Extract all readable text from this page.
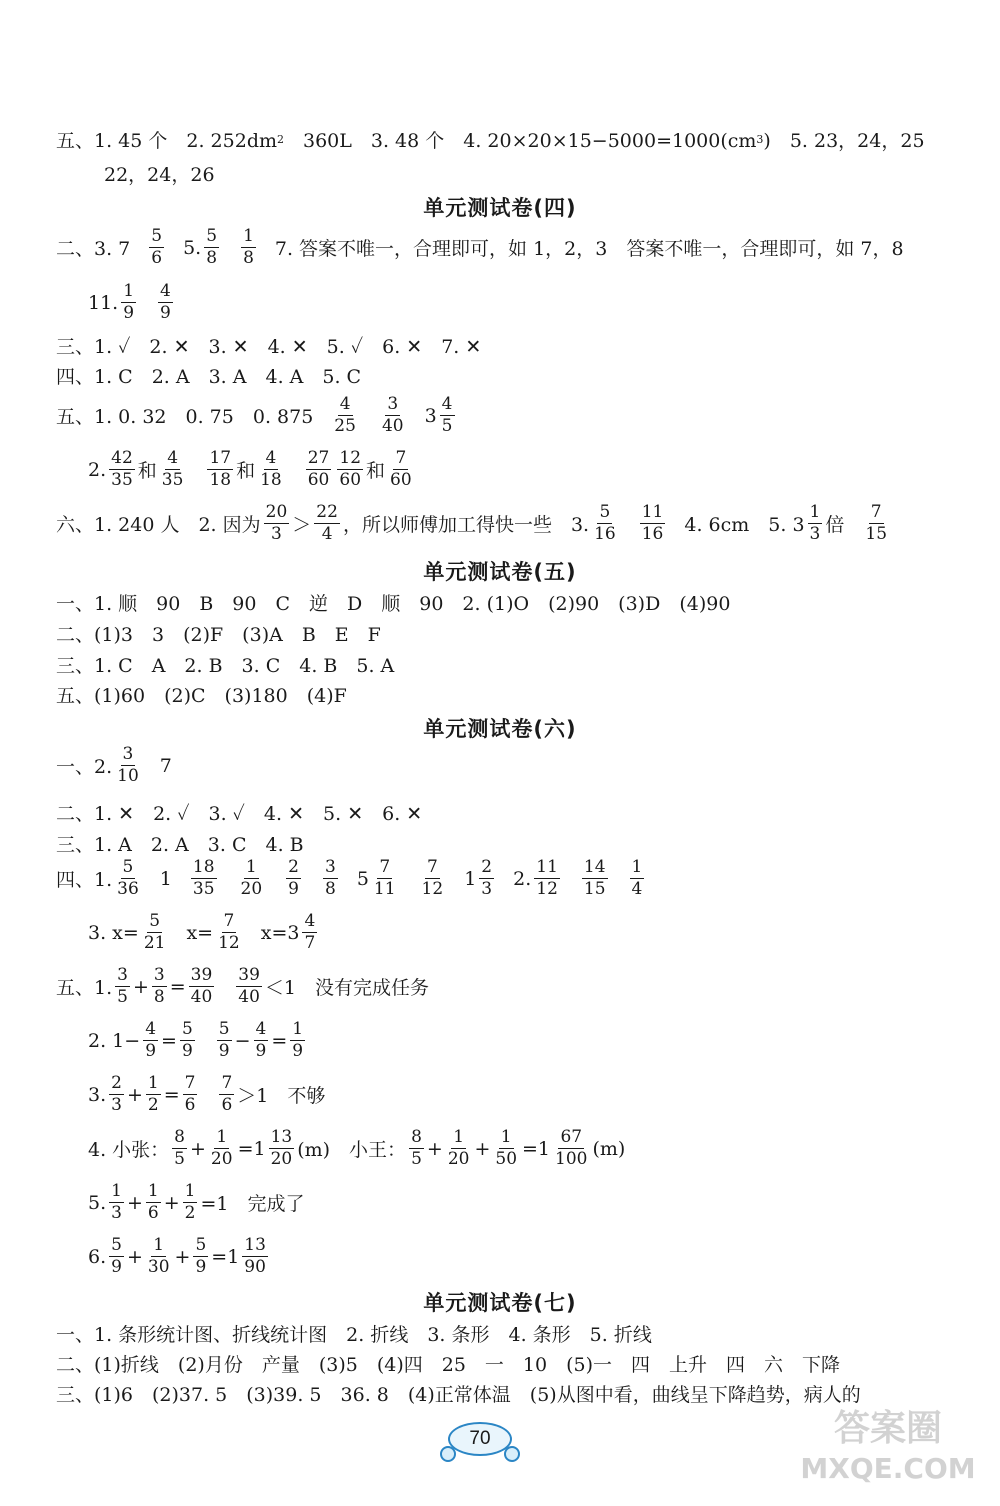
五、1. 45 个　2. 252dm 2 　360L　3. 48 个　4. 20×20×15−5000=1000(cm 3 )　5. 23，24，25
22，24，26
单元测试卷(四)
二、3. $7 \frac{5}{6} 5$. $\frac{5}{8} \frac{1}{8} 7$. 答案不唯一，合理即可，如 1，2，3　答案不唯一，合理即可，如 7，8
11. $\frac{1}{9} \frac{4}{9}$
三、1. ✓　2. ✕　3. ✕　4. ✕　5. ✓　6. ✕　7. ✕
四、1. C　2. A　3. A　4. A　5. C
五、1. 0. 32　0. 75　0. $875 \frac{4}{25} \frac{3}{40} 3 \frac{4}{5}$
2. $\frac{42}{35}$ 和 $\frac{4}{35} \frac{17}{18}$ 和 $\frac{4}{18} \frac{27}{60} \frac{12}{60}$ 和 $\frac{7}{60}$
六、1. 240 人　2. 因为 $\frac{20}{3} > \frac{22}{4}$ ，所以师傅加工得快一些　3. $\frac{5}{16} \frac{11}{16} 4$. 6cm　5. $3 \frac{1}{3}$ 倍 $\frac{7}{15}$
单元测试卷(五)
一、1. 顺　90　B　90　C　逆　D　顺　90　2. (1)O　(2)90　(3)D　(4)90
二、(1)3　3　(2)F　(3)A　B　E　F
三、1. C　A　2. B　3. C　4. B　5. A
五、(1)60　(2)C　(3)180　(4)F
单元测试卷(六)
一、2. $\frac{3}{10} 7$
二、1. ✕　2. ✓　3. ✓　4. ✕　5. ✕　6. ✕
三、1. A　2. A　3. C　4. B
四、1. $\frac{5}{36} 1 \frac{18}{35} \frac{1}{20} \frac{2}{9} \frac{3}{8} 5 \frac{7}{11} \frac{7}{12} 1 \frac{2}{3} 2$. $\frac{11}{12} \frac{14}{15} \frac{1}{4}$
3. $x= \frac{5}{21} x= \frac{7}{12} x=3 \frac{4}{7}$
五、1. $\frac{3}{5} + \frac{3}{8} = \frac{39}{40} \frac{39}{40} <1$　没有完成任务
2. $1- \frac{4}{9} = \frac{5}{9} \frac{5}{9} - \frac{4}{9} = \frac{1}{9}$
3. $\frac{2}{3} + \frac{1}{2} = \frac{7}{6} \frac{7}{6} >1$　不够
4. 小张： $\frac{8}{5} + \frac{1}{20} =1 \frac{13}{20} (m)$　小王： $\frac{8}{5} + \frac{1}{20} + \frac{1}{50} =1 \frac{67}{100} (m)$
5. $\frac{1}{3} + \frac{1}{6} + \frac{1}{2} =1$　完成了
6. $\frac{5}{9} + \frac{1}{30} + \frac{5}{9} =1 \frac{13}{90}$
单元测试卷(七)
一、1. 条形统计图、折线统计图　2. 折线　3. 条形　4. 条形　5. 折线
二、(1)折线　(2)月份　产量　(3)5　(4)四　25　一　10　(5)一　四　上升　四　六　下降
三、(1)6　(2)37. 5　(3)39. 5　36. 8　(4)正常体温　(5)从图中看，曲线呈下降趋势，病人的
70	答案圈
MXQE.COM
